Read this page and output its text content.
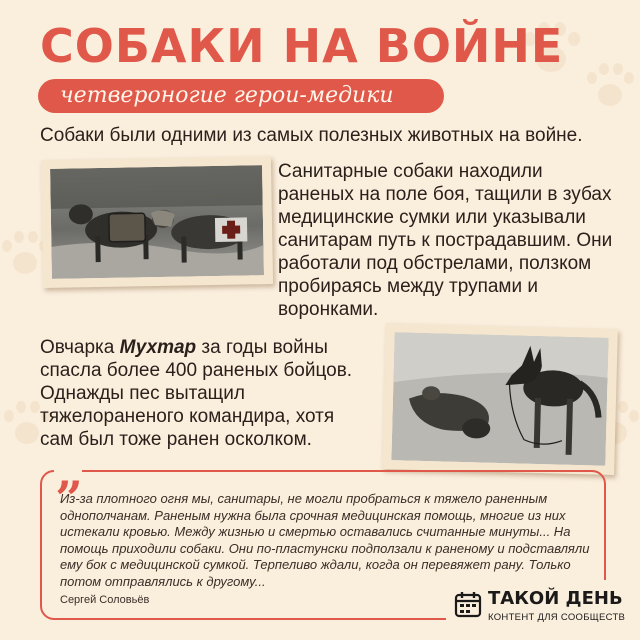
СОБАКИ НА ВОЙНЕ
четвероногие герои-медики
Собаки были одними из самых полезных животных на войне.
Санитарные собаки находили раненых на поле боя, тащили в зубах медицинские сумки или указывали санитарам путь к пострадавшим. Они работали под обстрелами, ползком пробираясь между трупами и воронками.
Овчарка Мухтар за годы войны спасла более 400 раненых бойцов. Однажды пес вытащил тяжелораненого командира, хотя сам был тоже ранен осколком.
„
Из-за плотного огня мы, санитары, не могли пробраться к тяжело раненным однополчанам. Раненым нужна была срочная медицинская помощь, многие из них истекали кровью. Между жизнью и смертью оставались считанные минуты... На помощь приходили собаки. Они по-пластунски подползали к раненому и подставляли ему бок с медицинской сумкой. Терпеливо ждали, когда он перевяжет рану. Только потом отправлялись к другому...
Сергей Соловьёв	ТАКОЙ ДЕНЬ
КОНТЕНТ ДЛЯ СООБЩЕСТВ
